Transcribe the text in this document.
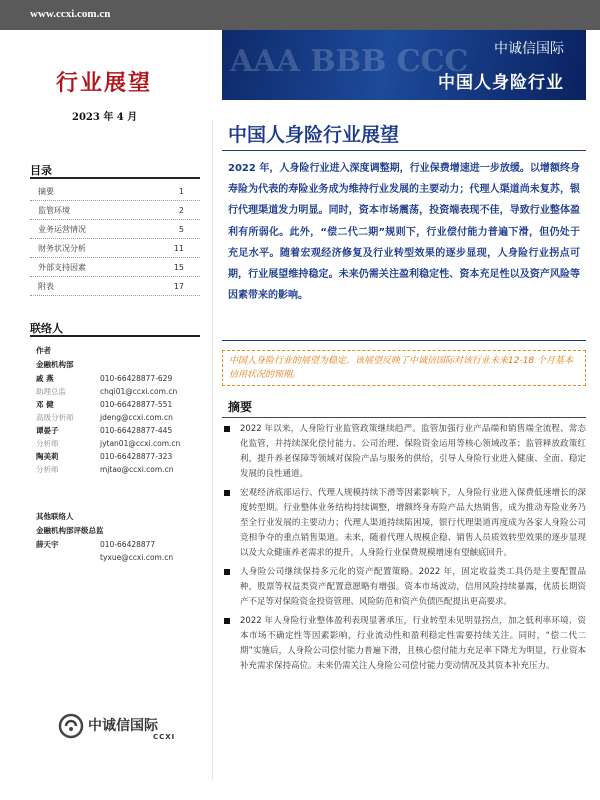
www.ccxi.com.cn
行业展望
2023 年 4 月
目录
摘要	1
监管环境	2
业务运营情况	5
财务状况分析	11
外部支持因素	15
附表	17
联络人
作者
金融机构部
戚 燕	010-66428877-629
助理总监	chqi01@ccxi.com.cn
邓 健	010-66428877-551
高级分析师	jdeng@ccxi.com.cn
谭晏子	010-66428877-445
分析师	jytan01@ccxi.com.cn
陶美莉	010-66428877-323
分析师	mjtao@ccxi.com.cn
其他联络人
金融机构部评级总监
薛天宇	010-66428877
tyxue@ccxi.com.cn
中诚信国际
CCXI
AAA BBB CCC 中诚信国际
中国人身险行业
中国人身险行业展望
2022 年，人身险行业进入深度调整期，行业保费增速进一步放缓。以增额终身寿险为代表的寿险业务成为维持行业发展的主要动力；代理人渠道尚未复苏，银行代理渠道发力明显。同时，资本市场震荡，投资端表现不佳，导致行业整体盈利有所弱化。此外，“偿二代二期”规则下，行业偿付能力普遍下滑，但仍处于充足水平。随着宏观经济修复及行业转型效果的逐步显现，人身险行业拐点可期，行业展望维持稳定。未来仍需关注盈利稳定性、资本充足性以及资产风险等因素带来的影响。
中国人身险行业的展望为稳定。该展望反映了中诚信国际对该行业未来12-18 个月基本信用状况的预期。
摘要
2022 年以来，人身险行业监管政策继续趋严。监管加强行业产品端和销售端全流程、常态化监管，并持续深化偿付能力、公司治理、保险资金运用等核心领域改革；监管释放政策红利，提升养老保障等领域对保险产品与服务的供给，引导人身险行业进入健康、全面、稳定发展的良性通道。
宏观经济底部运行、代理人规模持续下滑等因素影响下，人身险行业进入保费低速增长的深度转型期。行业整体业务结构持续调整，增额终身寿险产品大热销售，成为推动寿险业务乃至全行业发展的主要动力；代理人渠道持续陷困境，银行代理渠道再度成为各家人身险公司竞相争夺的重点销售渠道。未来，随着代理人规模企稳、销售人员质效转型效果的逐步显现以及大众健康养老需求的提升，人身险行业保费规模增速有望触底回升。
人身险公司继续保持多元化的资产配置策略。2022 年，固定收益类工具仍是主要配置品种，股票等权益类资产配置意愿略有增强。资本市场波动，信用风险持续暴露，优质长期资产不足等对保险资金投资管理、风险防范和资产负债匹配提出更高要求。
2022 年人身险行业整体盈利表现显著承压，行业转型未见明显拐点，加之低利率环境、资本市场不确定性等因素影响，行业流动性和盈利稳定性需要持续关注。同时，“偿二代二期”实施后，人身险公司偿付能力普遍下滑，且核心偿付能力充足率下降尤为明显，行业资本补充需求保持高位。未来仍需关注人身险公司偿付能力变动情况及其资本补充压力。
